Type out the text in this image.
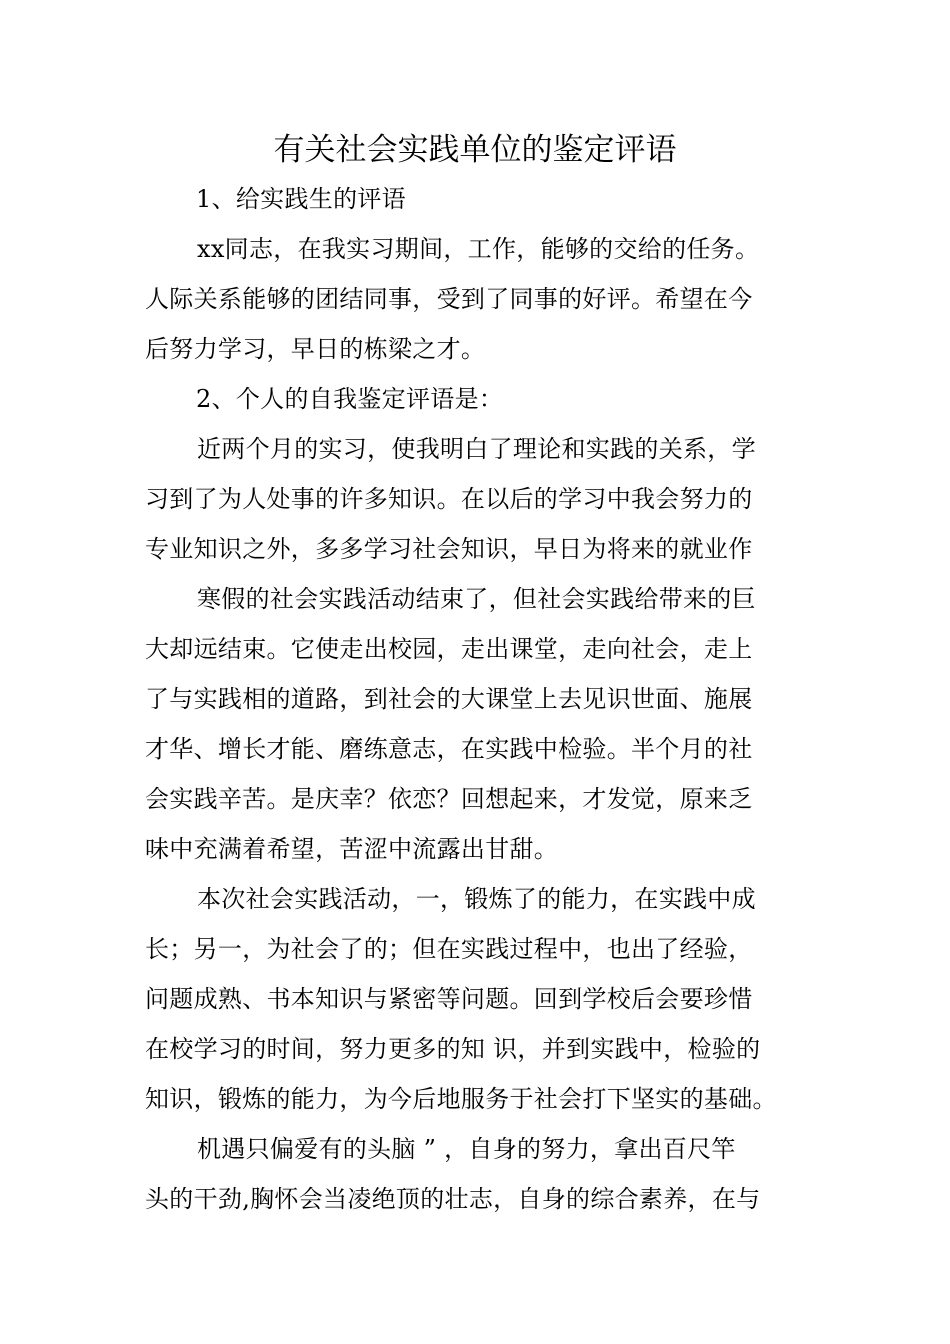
有关社会实践单位的鉴定评语
1、给实践生的评语
xx同志，在我实习期间，工作，能够的交给的任务。
人际关系能够的团结同事，受到了同事的好评。希望在今
后努力学习，早日的栋梁之才。
2、个人的自我鉴定评语是：
近两个月的实习，使我明白了理论和实践的关系，学
习到了为人处事的许多知识。在以后的学习中我会努力的
专业知识之外，多多学习社会知识，早日为将来的就业作
寒假的社会实践活动结束了，但社会实践给带来的巨
大却远结束。它使走出校园，走出课堂，走向社会，走上
了与实践相的道路，到社会的大课堂上去见识世面、施展
才华、增长才能、磨练意志，在实践中检验。半个月的社
会实践辛苦。是庆幸？依恋？回想起来，才发觉，原来乏
味中充满着希望，苦涩中流露出甘甜。
本次社会实践活动，一，锻炼了的能力，在实践中成
长；另一，为社会了的；但在实践过程中，也出了经验，
问题成熟、书本知识与紧密等问题。回到学校后会要珍惜
在校学习的时间，努力更多的知 识，并到实践中，检验的
知识，锻炼的能力，为今后地服务于社会打下坚实的基础。
机遇只偏爱有的头脑 ” ，自身的努力，拿出百尺竿
头的干劲,胸怀会当凌绝顶的壮志，自身的综合素养，在与
